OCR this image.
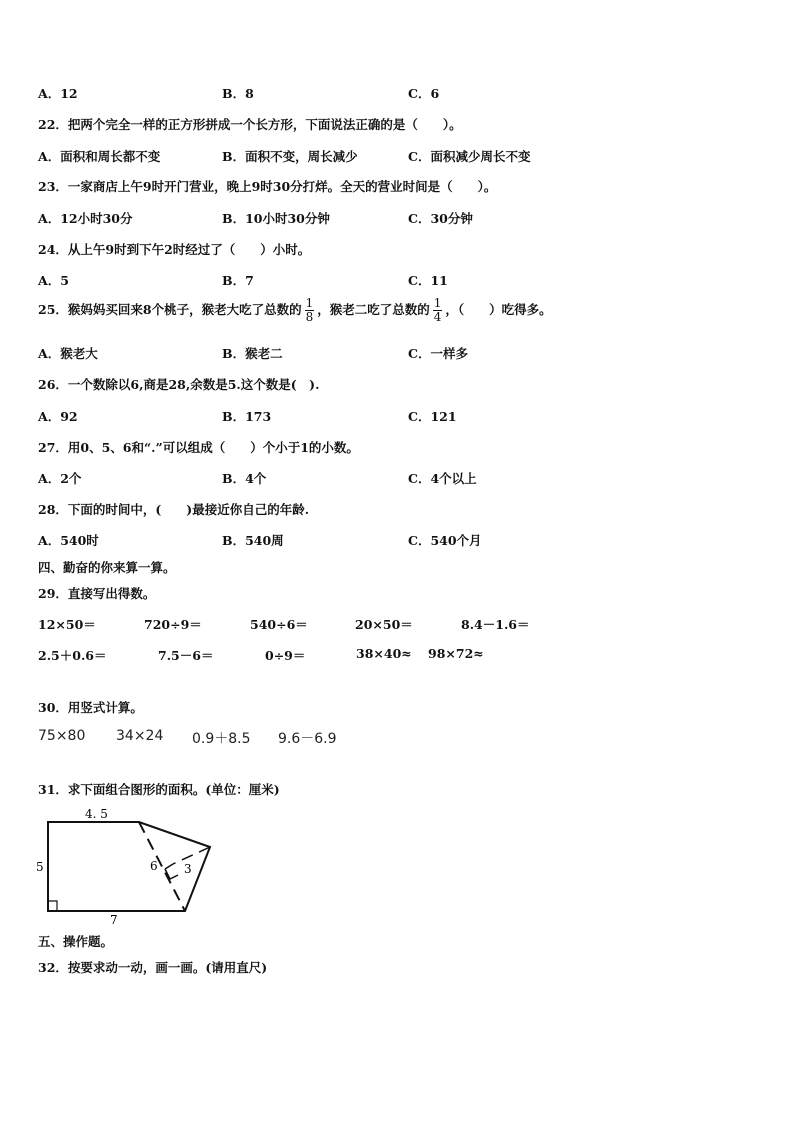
A．12	B．8	C．6
22．把两个完全一样的正方形拼成一个长方形，下面说法正确的是（　　）。
A．面积和周长都不变	B．面积不变，周长减少	C．面积减少周长不变
23．一家商店上午9时开门营业，晚上9时30分打烊。全天的营业时间是（　　）。
A．12小时30分	B．10小时30分钟	C．30分钟
24．从上午9时到下午2时经过了（　　）小时。
A．5	B．7	C．11
25．猴妈妈买回来8个桃子，猴老大吃了总数的 $\frac{1}{8}$ ，猴老二吃了总数的 $\frac{1}{4}$ ，（　　）吃得多。
A．猴老大	B．猴老二	C．一样多
26．一个数除以6,商是28,余数是5.这个数是(　).
A．92	B．173	C．121
27．用0、5、6和“.”可以组成（　　）个小于1的小数。
A．2个	B．4个	C．4个以上
28．下面的时间中，(　　)最接近你自己的年龄.
A．540时	B．540周	C．540个月
四、勤奋的你来算一算。
29．直接写出得数。
12×50＝	720÷9＝	540÷6＝	20×50＝	8.4－1.6＝
2.5＋0.6＝	7.5－6＝	0÷9＝	38×40≈ 98×72≈
30．用竖式计算。
75×80 34×24 0.9＋8.5 9.6－6.9
31．求下面组合图形的面积。(单位：厘米)
4. 5
5
7
6 3
五、操作题。
32．按要求动一动，画一画。(请用直尺)
